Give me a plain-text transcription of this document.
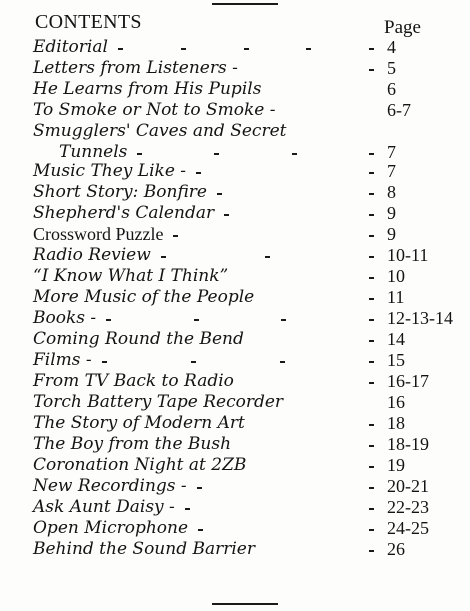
CONTENTS	Page
Editorial	4
Letters from Listeners -	5
He Learns from His Pupils	6
To Smoke or Not to Smoke -	6-7
Smugglers' Caves and Secret
Tunnels	7
Music They Like -	7
Short Story: Bonfire	8
Shepherd's Calendar	9
Crossword Puzzle	9
Radio Review	10-11
“I Know What I Think”	10
More Music of the People	11
Books -	12-13-14
Coming Round the Bend	14
Films -	15
From TV Back to Radio	16-17
Torch Battery Tape Recorder	16
The Story of Modern Art	18
The Boy from the Bush	18-19
Coronation Night at 2ZB	19
New Recordings -	20-21
Ask Aunt Daisy -	22-23
Open Microphone	24-25
Behind the Sound Barrier	26
